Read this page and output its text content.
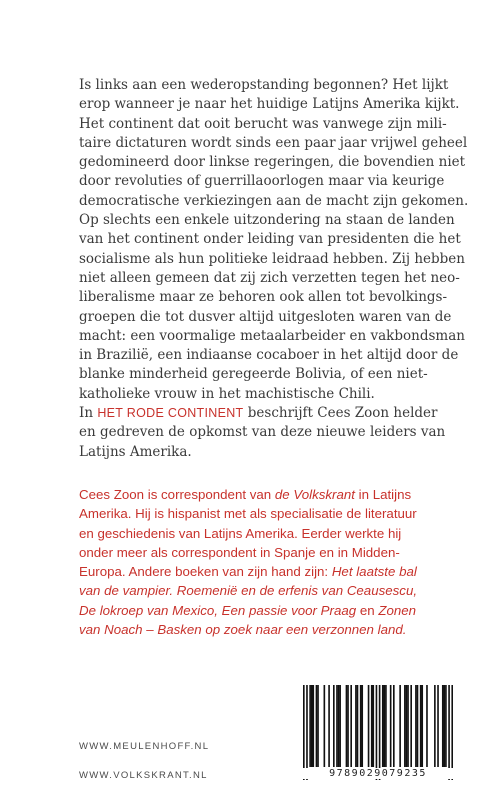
Is links aan een wederopstanding begonnen? Het lijkt

erop wanneer je naar het huidige Latijns Amerika kijkt.

Het continent dat ooit berucht was vanwege zijn mili-

taire dictaturen wordt sinds een paar jaar vrijwel geheel

gedomineerd door linkse regeringen, die bovendien niet

door revoluties of guerrillaoorlogen maar via keurige

democratische verkiezingen aan de macht zijn gekomen.

Op slechts een enkele uitzondering na staan de landen

van het continent onder leiding van presidenten die het

socialisme als hun politieke leidraad hebben. Zij hebben

niet alleen gemeen dat zij zich verzetten tegen het neo-

liberalisme maar ze behoren ook allen tot bevolkings-

groepen die tot dusver altijd uitgesloten waren van de

macht: een voormalige metaalarbeider en vakbondsman

in Brazilië, een indiaanse cocaboer in het altijd door de

blanke minderheid geregeerde Bolivia, of een niet-

katholieke vrouw in het machistische Chili.

In HET RODE CONTINENT beschrijft Cees Zoon helder

en gedreven de opkomst van deze nieuwe leiders van

Latijns Amerika.

Cees Zoon is correspondent van de Volkskrant in Latijns

Amerika. Hij is hispanist met als specialisatie de literatuur

en geschiedenis van Latijns Amerika. Eerder werkte hij

onder meer als correspondent in Spanje en in Midden-

Europa. Andere boeken van zijn hand zijn: Het laatste bal

van de vampier. Roemenië en de erfenis van Ceausescu,

De lokroep van Mexico, Een passie voor Praag en Zonen

van Noach – Basken op zoek naar een verzonnen land.

WWW.MEULENHOFF.NL
WWW.VOLKSKRANT.NL	9789029079235
